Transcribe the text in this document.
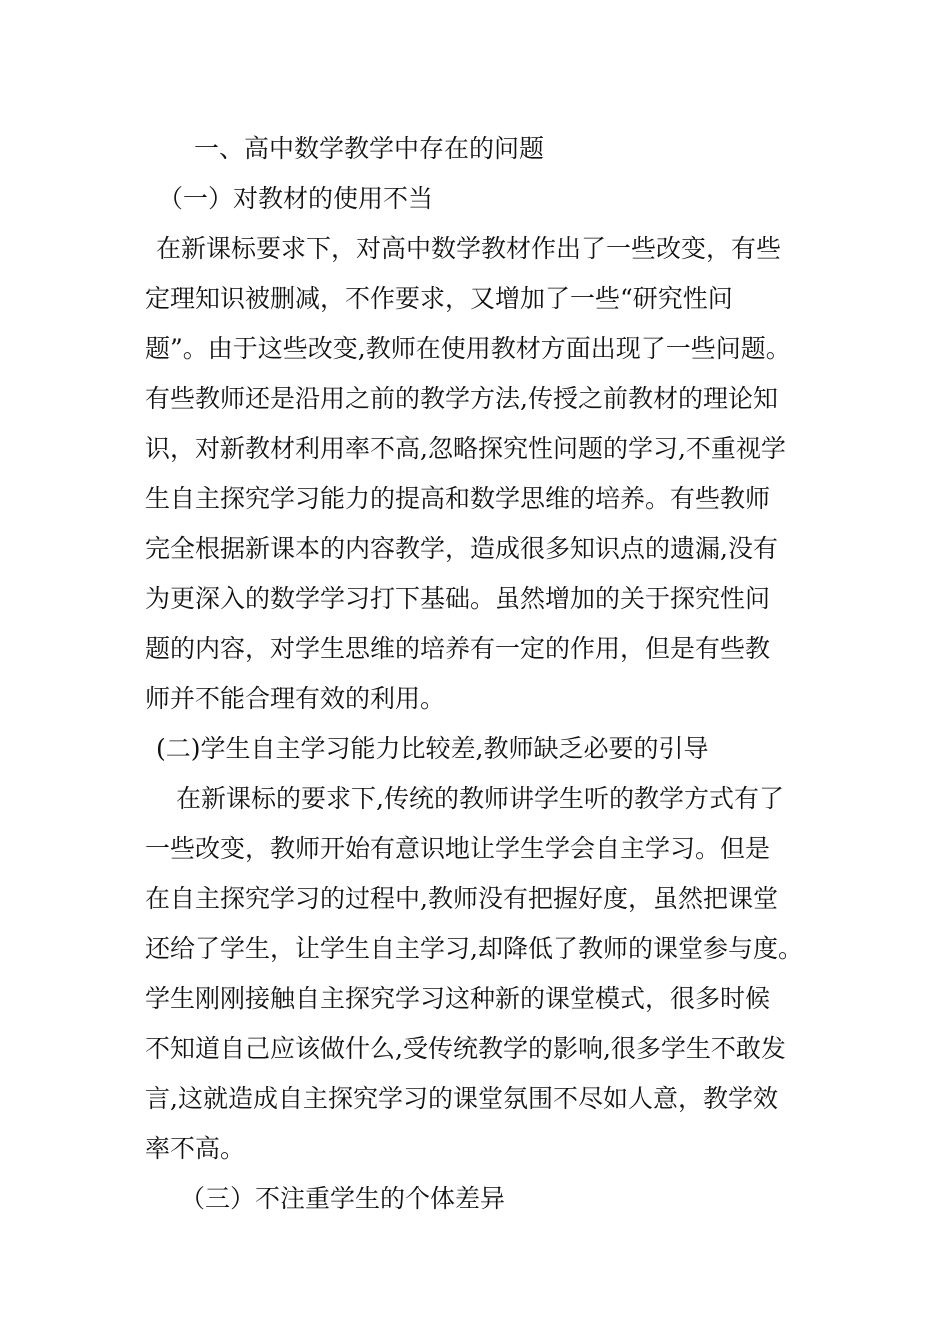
一、高中数学教学中存在的问题
（一）对教材的使用不当
在新课标要求下，对高中数学教材作出了一些改变，有些
定理知识被删减，不作要求，又增加了一些“研究性问
题”。由于这些改变,教师在使用教材方面出现了一些问题。
有些教师还是沿用之前的教学方法,传授之前教材的理论知
识，对新教材利用率不高,忽略探究性问题的学习,不重视学
生自主探究学习能力的提高和数学思维的培养。有些教师
完全根据新课本的内容教学，造成很多知识点的遗漏,没有
为更深入的数学学习打下基础。虽然增加的关于探究性问
题的内容，对学生思维的培养有一定的作用，但是有些教
师并不能合理有效的利用。
(二)学生自主学习能力比较差,教师缺乏必要的引导
在新课标的要求下,传统的教师讲学生听的教学方式有了
一些改变，教师开始有意识地让学生学会自主学习。但是
在自主探究学习的过程中,教师没有把握好度，虽然把课堂
还给了学生，让学生自主学习,却降低了教师的课堂参与度。
学生刚刚接触自主探究学习这种新的课堂模式，很多时候
不知道自己应该做什么,受传统教学的影响,很多学生不敢发
言,这就造成自主探究学习的课堂氛围不尽如人意，教学效
率不高。
（三）不注重学生的个体差异
